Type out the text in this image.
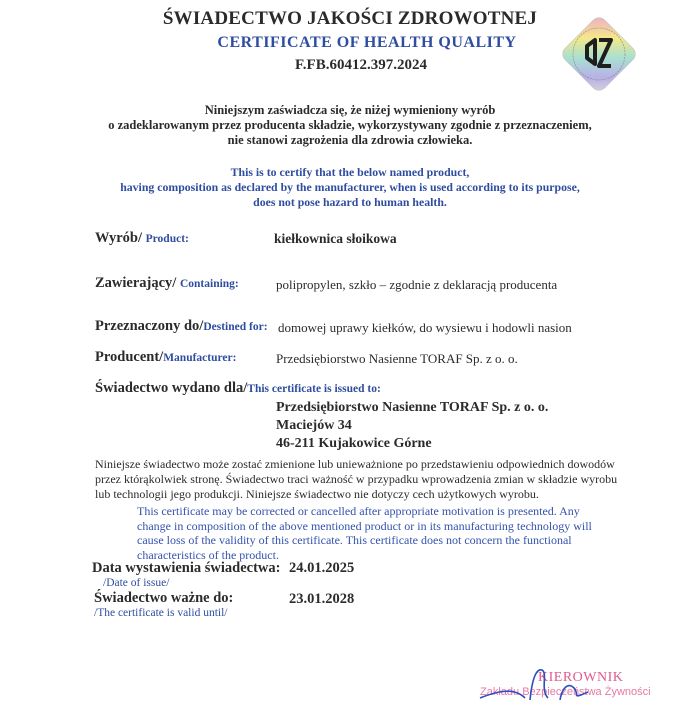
ŚWIADECTWO JAKOŚCI ZDROWOTNEJ
CERTIFICATE OF HEALTH QUALITY
F.FB.60412.397.2024
Niniejszym zaświadcza się, że niżej wymieniony wyrób
o zadeklarowanym przez producenta składzie, wykorzystywany zgodnie z przeznaczeniem,
nie stanowi zagrożenia dla zdrowia człowieka.
This is to certify that the below named product,
having composition as declared by the manufacturer, when is used according to its purpose,
does not pose hazard to human health.
Wyrób/ Product:	kiełkownica słoikowa
Zawierający/ Containing:	polipropylen, szkło – zgodnie z deklaracją producenta
Przeznaczony do/Destined for: domowej uprawy kiełków, do wysiewu i hodowli nasion
Producent/Manufacturer:	Przedsiębiorstwo Nasienne TORAF Sp. z o. o.
Świadectwo wydano dla/This certificate is issued to:
Przedsiębiorstwo Nasienne TORAF Sp. z o. o.
Maciejów 34
46-211 Kujakowice Górne
Niniejsze świadectwo może zostać zmienione lub unieważnione po przedstawieniu odpowiednich dowodów przez którąkolwiek stronę. Świadectwo traci ważność w przypadku wprowadzenia zmian w składzie wyrobu lub technologii jego produkcji. Niniejsze świadectwo nie dotyczy cech użytkowych wyrobu.
This certificate may be corrected or cancelled after appropriate motivation is presented. Any change in composition of the above mentioned product or in its manufacturing technology will cause loss of the validity of this certificate. This certificate does not concern the functional characteristics of the product.
Data wystawienia świadectwa:
/Date of issue/
24.01.2025
Świadectwo ważne do:
/The certificate is valid until/
23.01.2028
KIEROWNIK
Zakładu Bezpieczeństwa Żywności
